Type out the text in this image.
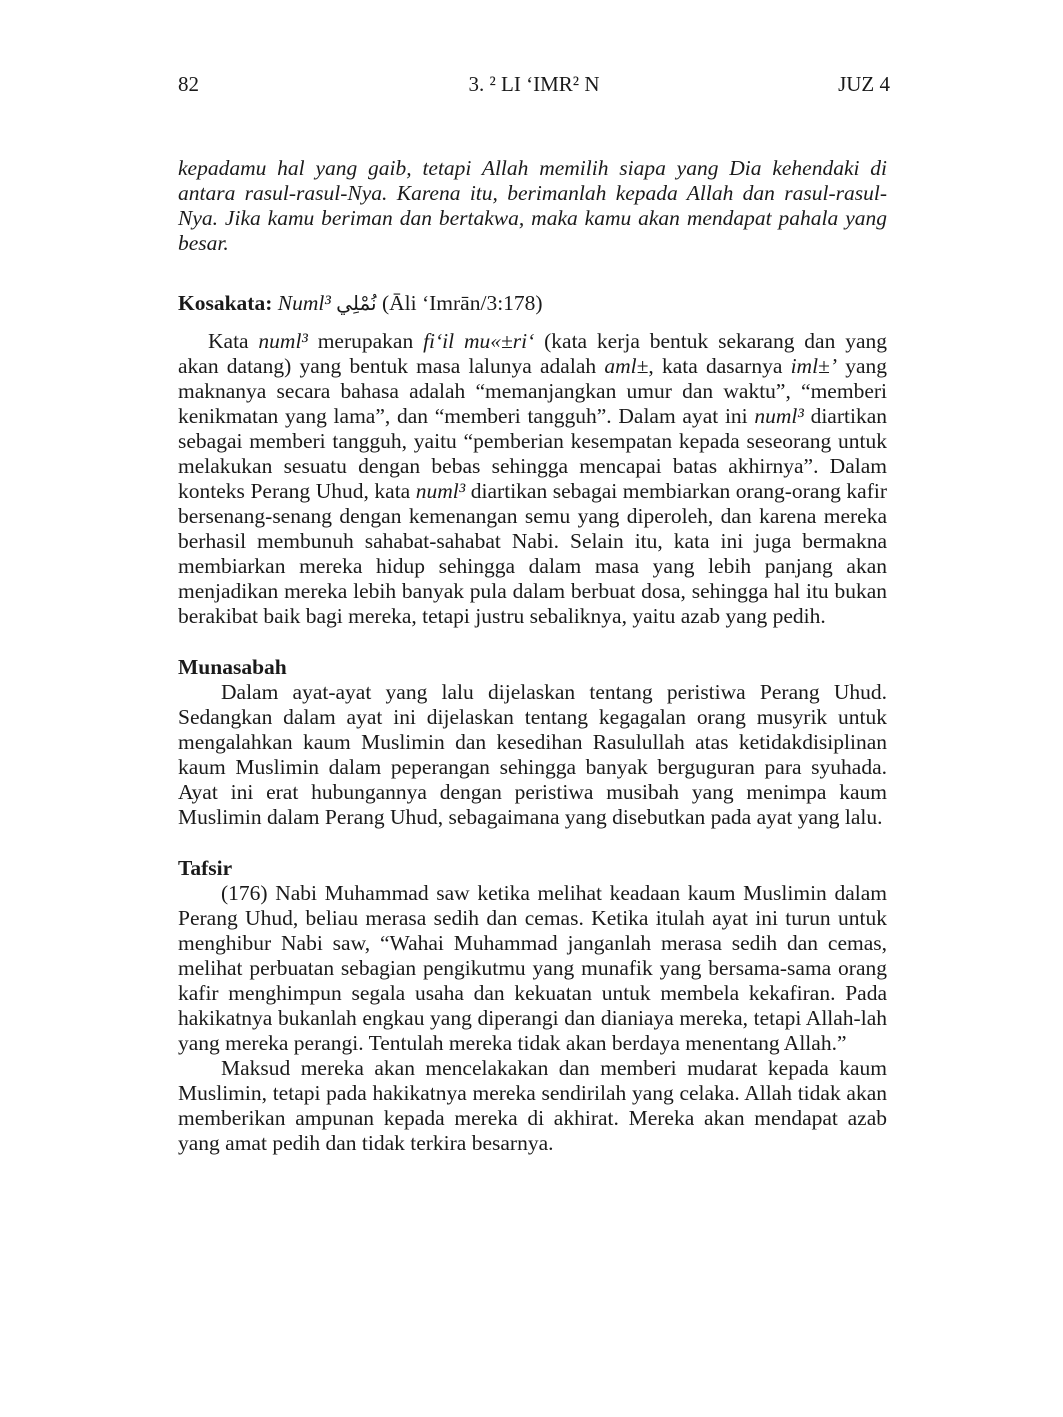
82	3. ² LI ‘IMR² N	JUZ 4

kepadamu hal yang gaib, tetapi Allah memilih siapa yang Dia kehendaki di antara rasul-rasul-Nya. Karena itu, berimanlah kepada Allah dan rasul-rasul-Nya. Jika kamu beriman dan bertakwa, maka kamu akan mendapat pahala yang besar.

Kosakata: Numl³ نُمْلِي (Āli ‘Imrān/3:178)

Kata numl³ merupakan fi‘il mu«±ri‘ (kata kerja bentuk sekarang dan yang akan datang) yang bentuk masa lalunya adalah aml±, kata dasarnya iml±’ yang maknanya secara bahasa adalah “memanjangkan umur dan waktu”, “memberi kenikmatan yang lama”, dan “memberi tangguh”. Dalam ayat ini numl³ diartikan sebagai memberi tangguh, yaitu “pemberian kesempatan kepada seseorang untuk melakukan sesuatu dengan bebas sehingga mencapai batas akhirnya”. Dalam konteks Perang Uhud, kata numl³ diartikan sebagai membiarkan orang-orang kafir bersenang-senang dengan kemenangan semu yang diperoleh, dan karena mereka berhasil membunuh sahabat-sahabat Nabi. Selain itu, kata ini juga bermakna membiarkan mereka hidup sehingga dalam masa yang lebih panjang akan menjadikan mereka lebih banyak pula dalam berbuat dosa, sehingga hal itu bukan berakibat baik bagi mereka, tetapi justru sebaliknya, yaitu azab yang pedih.

Munasabah

Dalam ayat-ayat yang lalu dijelaskan tentang peristiwa Perang Uhud. Sedangkan dalam ayat ini dijelaskan tentang kegagalan orang musyrik untuk mengalahkan kaum Muslimin dan kesedihan Rasulullah atas ketidakdisiplinan kaum Muslimin dalam peperangan sehingga banyak berguguran para syuhada. Ayat ini erat hubungannya dengan peristiwa musibah yang menimpa kaum Muslimin dalam Perang Uhud, sebagaimana yang disebutkan pada ayat yang lalu.

Tafsir

(176) Nabi Muhammad saw ketika melihat keadaan kaum Muslimin dalam Perang Uhud, beliau merasa sedih dan cemas. Ketika itulah ayat ini turun untuk menghibur Nabi saw, “Wahai Muhammad janganlah merasa sedih dan cemas, melihat perbuatan sebagian pengikutmu yang munafik yang bersama-sama orang kafir menghimpun segala usaha dan kekuatan untuk membela kekafiran. Pada hakikatnya bukanlah engkau yang diperangi dan dianiaya mereka, tetapi Allah-lah yang mereka perangi. Tentulah mereka tidak akan berdaya menentang Allah.”

Maksud mereka akan mencelakakan dan memberi mudarat kepada kaum Muslimin, tetapi pada hakikatnya mereka sendirilah yang celaka. Allah tidak akan memberikan ampunan kepada mereka di akhirat. Mereka akan mendapat azab yang amat pedih dan tidak terkira besarnya.
